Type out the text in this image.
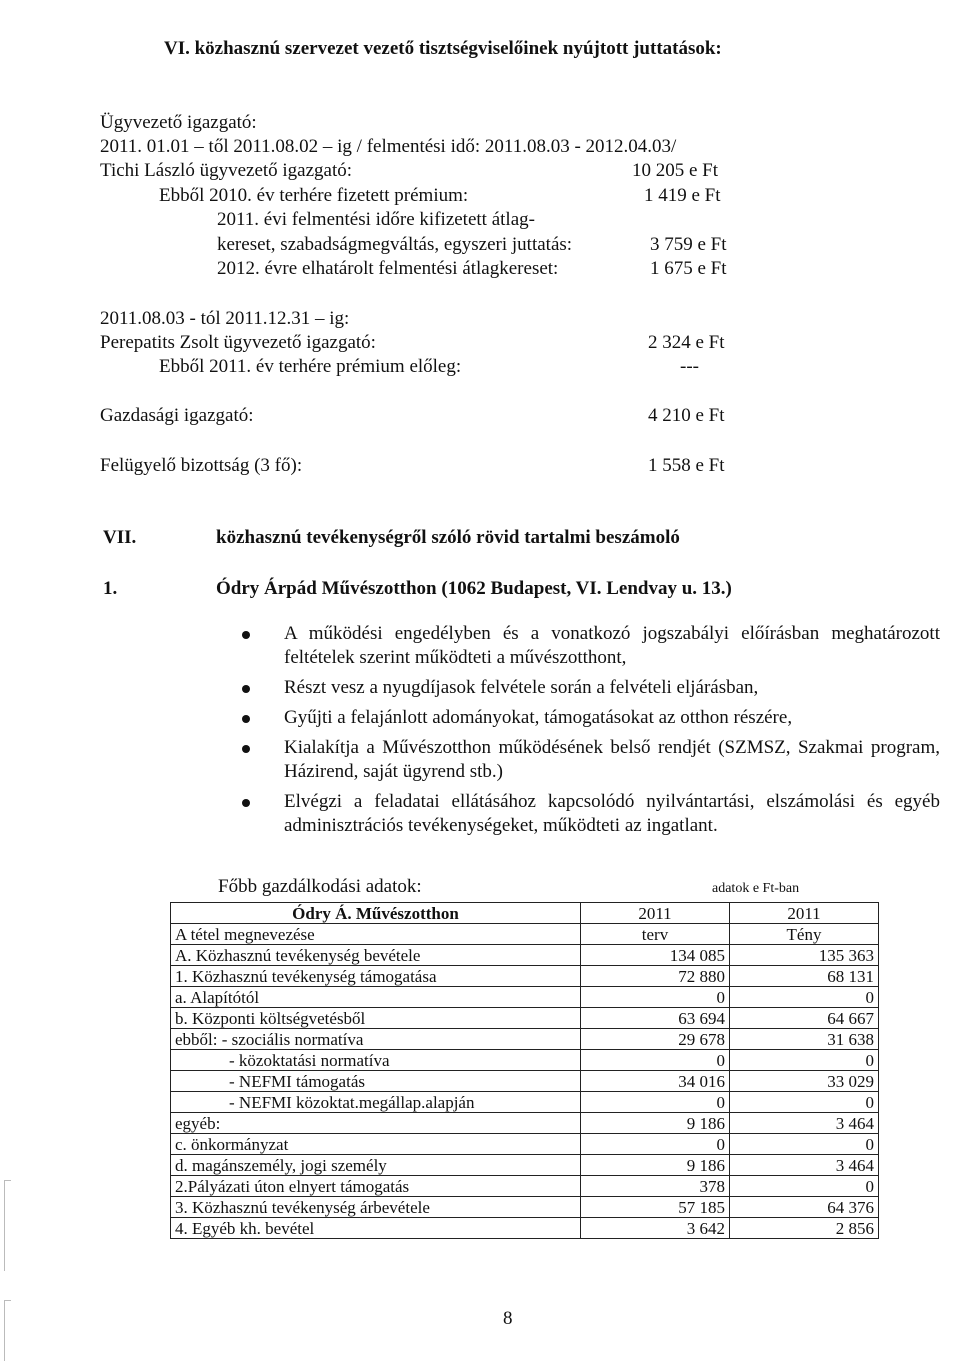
VI. közhasznú szervezet vezető tisztségviselőinek nyújtott juttatások:
Ügyvezető igazgató:
2011. 01.01 – től 2011.08.02 – ig / felmentési idő: 2011.08.03 - 2012.04.03/
Tichi László ügyvezető igazgató:	10 205 e Ft
Ebből 2010. év terhére fizetett prémium:	1 419 e Ft
2011. évi felmentési időre kifizetett átlag-
kereset, szabadságmegváltás, egyszeri juttatás:	3 759 e Ft
2012. évre elhatárolt felmentési átlagkereset:	1 675 e Ft
2011.08.03 - tól 2011.12.31 – ig:
Perepatits Zsolt ügyvezető igazgató:	2 324 e Ft
Ebből 2011. év terhére prémium előleg:	---
Gazdasági igazgató:	4 210 e Ft
Felügyelő bizottság (3 fő):	1 558 e Ft
VII.	közhasznú tevékenységről szóló rövid tartalmi beszámoló
1.	Ódry Árpád Művészotthon (1062 Budapest, VI. Lendvay u. 13.)
A működési engedélyben és a vonatkozó jogszabályi előírásban meghatározott feltételek szerint működteti a művészotthont,
Részt vesz a nyugdíjasok felvétele során a felvételi eljárásban,
Gyűjti a felajánlott adományokat, támogatásokat az otthon részére,
Kialakítja a Művészotthon működésének belső rendjét (SZMSZ, Szakmai program, Házirend, saját ügyrend stb.)
Elvégzi a feladatai ellátásához kapcsolódó nyilvántartási, elszámolási és egyéb adminisztrációs tevékenységeket, működteti az ingatlant.
Főbb gazdálkodási adatok:	adatok e Ft-ban
Ódry Á. Művészotthon	2011	2011
A tétel megnevezése	terv	Tény
A. Közhasznú tevékenység bevétele	134 085	135 363
1. Közhasznú tevékenység támogatása	72 880	68 131
a. Alapítótól	0	0
b. Központi költségvetésből	63 694	64 667
ebből: - szociális normatíva	29 678	31 638
- közoktatási normatíva	0	0
- NEFMI támogatás	34 016	33 029
- NEFMI közoktat.megállap.alapján	0	0
egyéb:	9 186	3 464
c. önkormányzat	0	0
d. magánszemély, jogi személy	9 186	3 464
2.Pályázati úton elnyert támogatás	378	0
3. Közhasznú tevékenység árbevétele	57 185	64 376
4. Egyéb kh. bevétel	3 642	2 856
8
